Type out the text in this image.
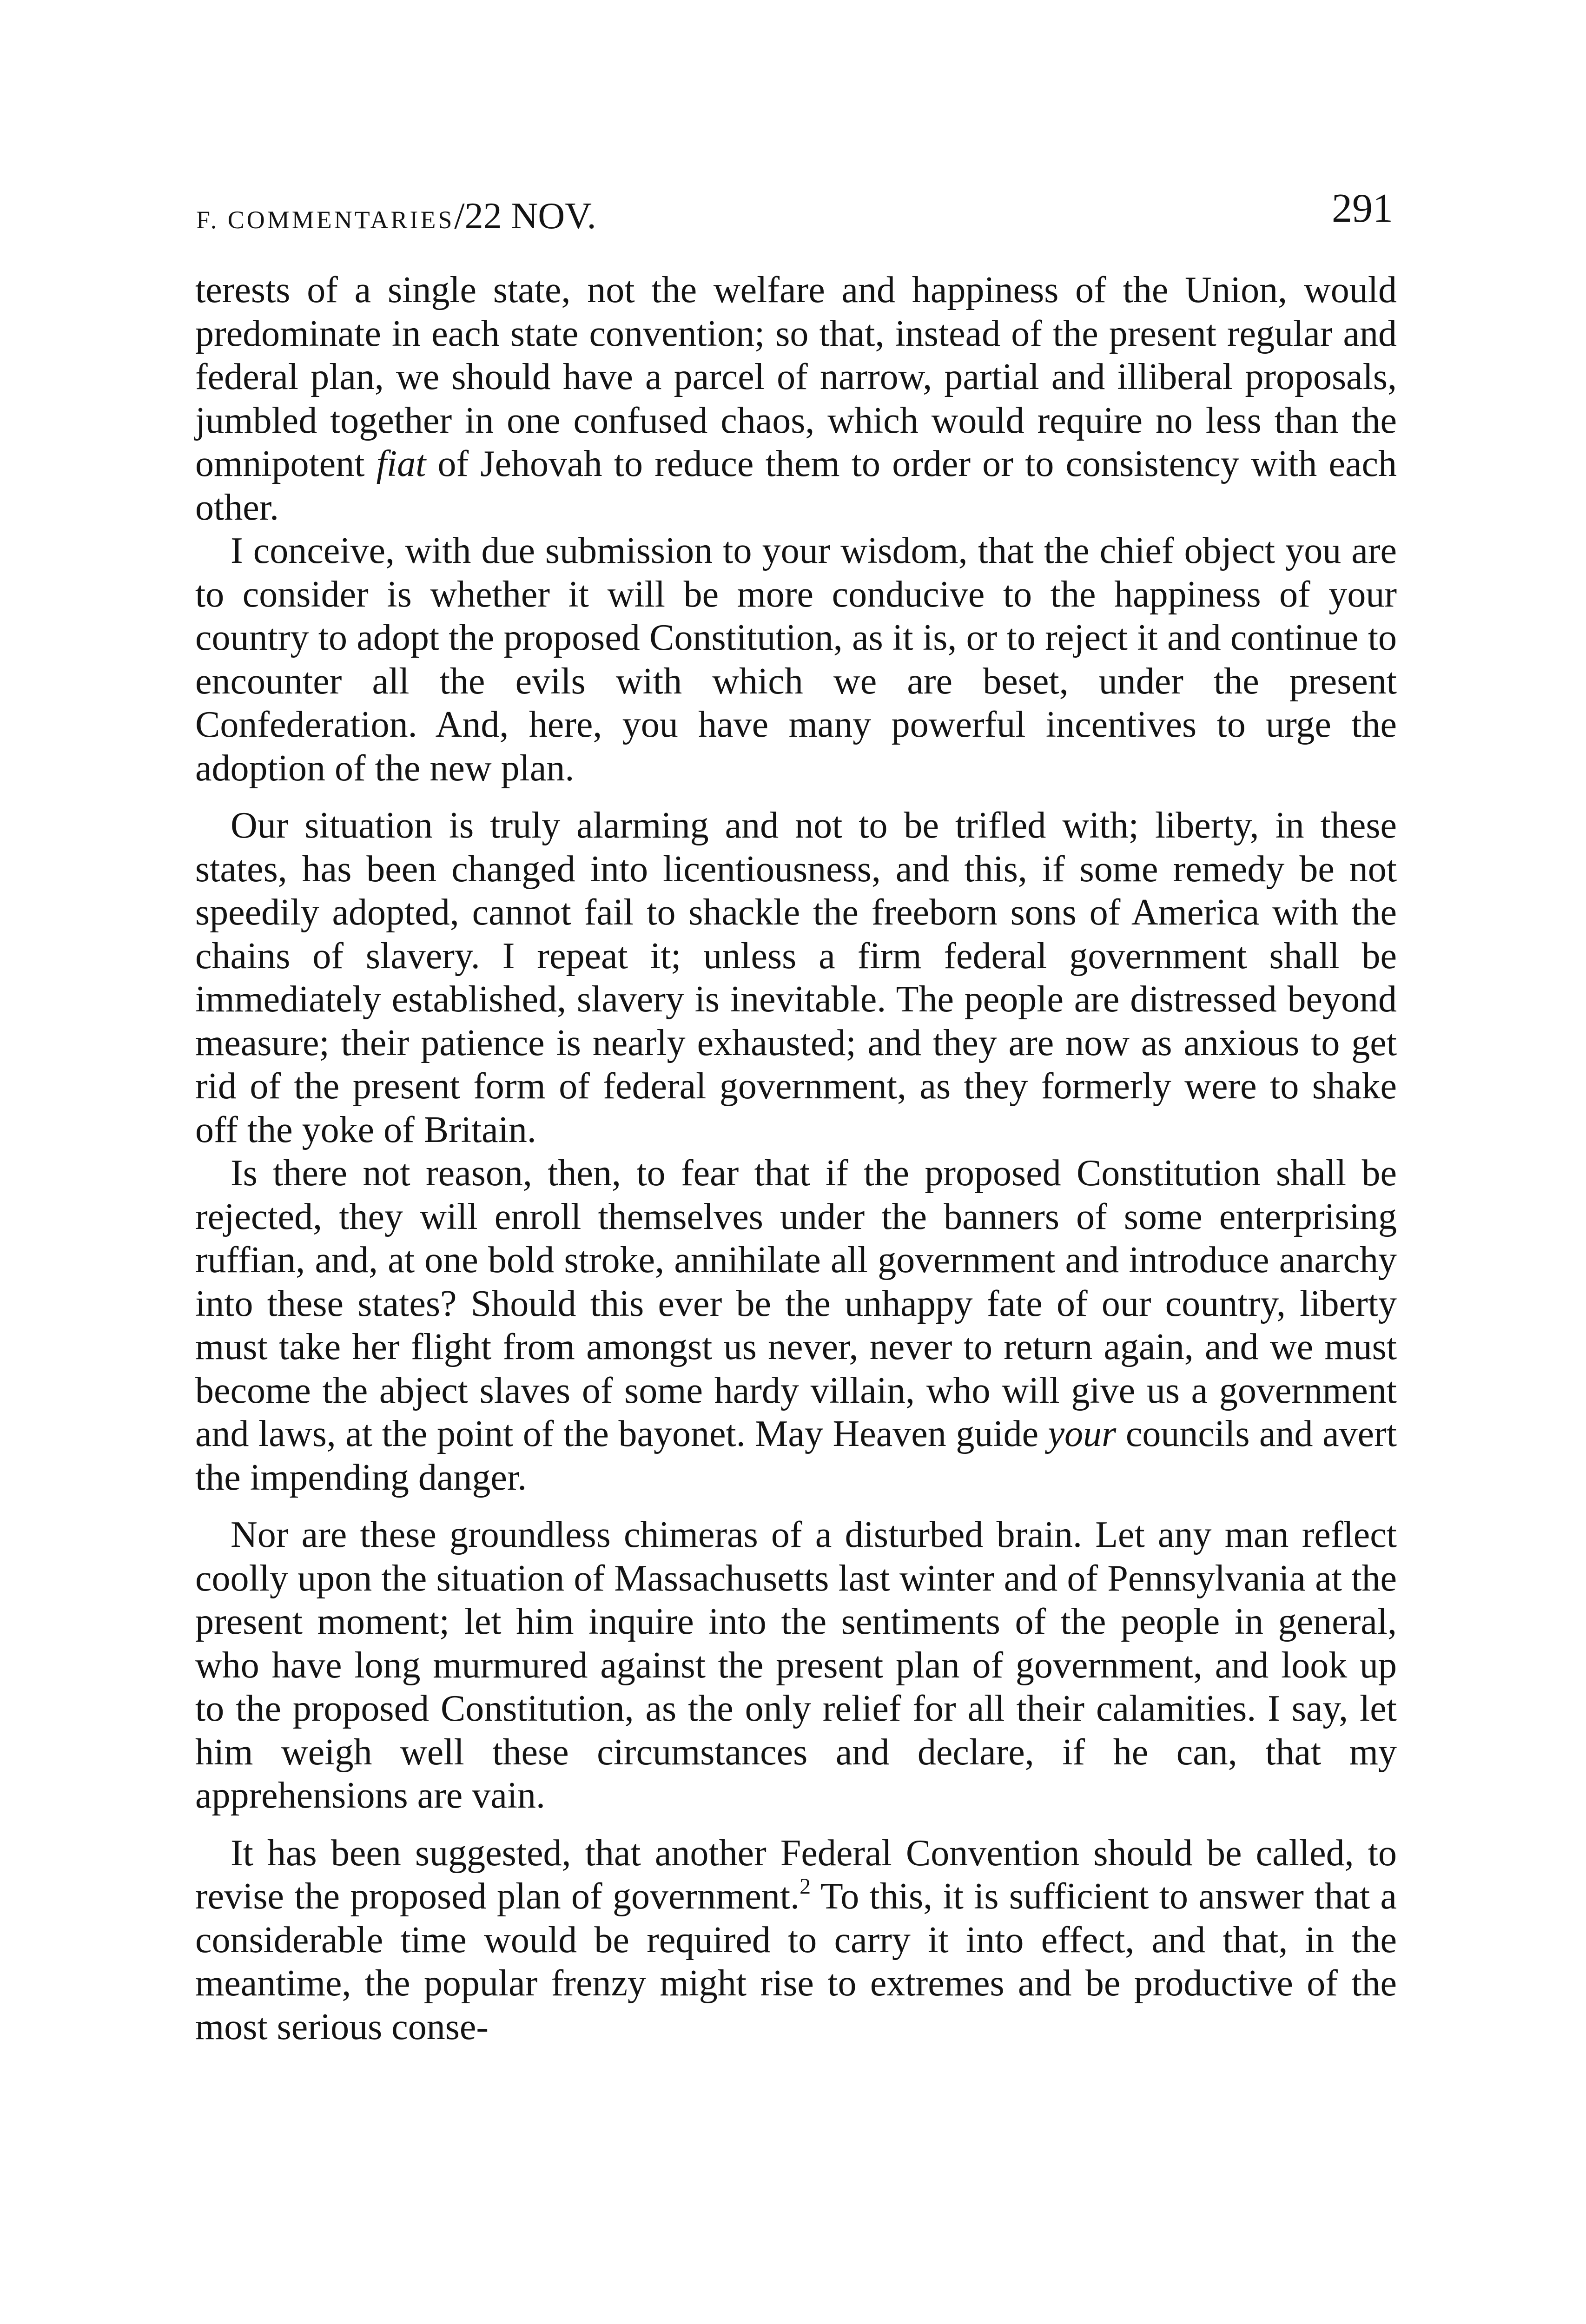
F. COMMENTARIES/22 NOV.	291

terests of a single state, not the welfare and happiness of the Union, would predominate in each state convention; so that, instead of the present regular and federal plan, we should have a parcel of narrow, partial and illiberal proposals, jumbled together in one confused chaos, which would require no less than the omnipotent fiat of Jehovah to reduce them to order or to consistency with each other.

I conceive, with due submission to your wisdom, that the chief object you are to consider is whether it will be more conducive to the happiness of your country to adopt the proposed Constitution, as it is, or to reject it and continue to encounter all the evils with which we are beset, under the present Confederation. And, here, you have many powerful incentives to urge the adoption of the new plan.

Our situation is truly alarming and not to be trifled with; liberty, in these states, has been changed into licentiousness, and this, if some remedy be not speedily adopted, cannot fail to shackle the freeborn sons of America with the chains of slavery. I repeat it; unless a firm federal government shall be immediately established, slavery is inevitable. The people are distressed beyond measure; their patience is nearly exhausted; and they are now as anxious to get rid of the present form of federal government, as they formerly were to shake off the yoke of Britain.

Is there not reason, then, to fear that if the proposed Constitution shall be rejected, they will enroll themselves under the banners of some enterprising ruffian, and, at one bold stroke, annihilate all government and introduce anarchy into these states? Should this ever be the unhappy fate of our country, liberty must take her flight from amongst us never, never to return again, and we must become the abject slaves of some hardy villain, who will give us a government and laws, at the point of the bayonet. May Heaven guide your councils and avert the impending danger.

Nor are these groundless chimeras of a disturbed brain. Let any man reflect coolly upon the situation of Massachusetts last winter and of Pennsylvania at the present moment; let him inquire into the sentiments of the people in general, who have long murmured against the present plan of government, and look up to the proposed Constitution, as the only relief for all their calamities. I say, let him weigh well these circumstances and declare, if he can, that my apprehensions are vain.

It has been suggested, that another Federal Convention should be called, to revise the proposed plan of government.$^2$ To this, it is sufficient to answer that a considerable time would be required to carry it into effect, and that, in the meantime, the popular frenzy might rise to extremes and be productive of the most serious conse-
